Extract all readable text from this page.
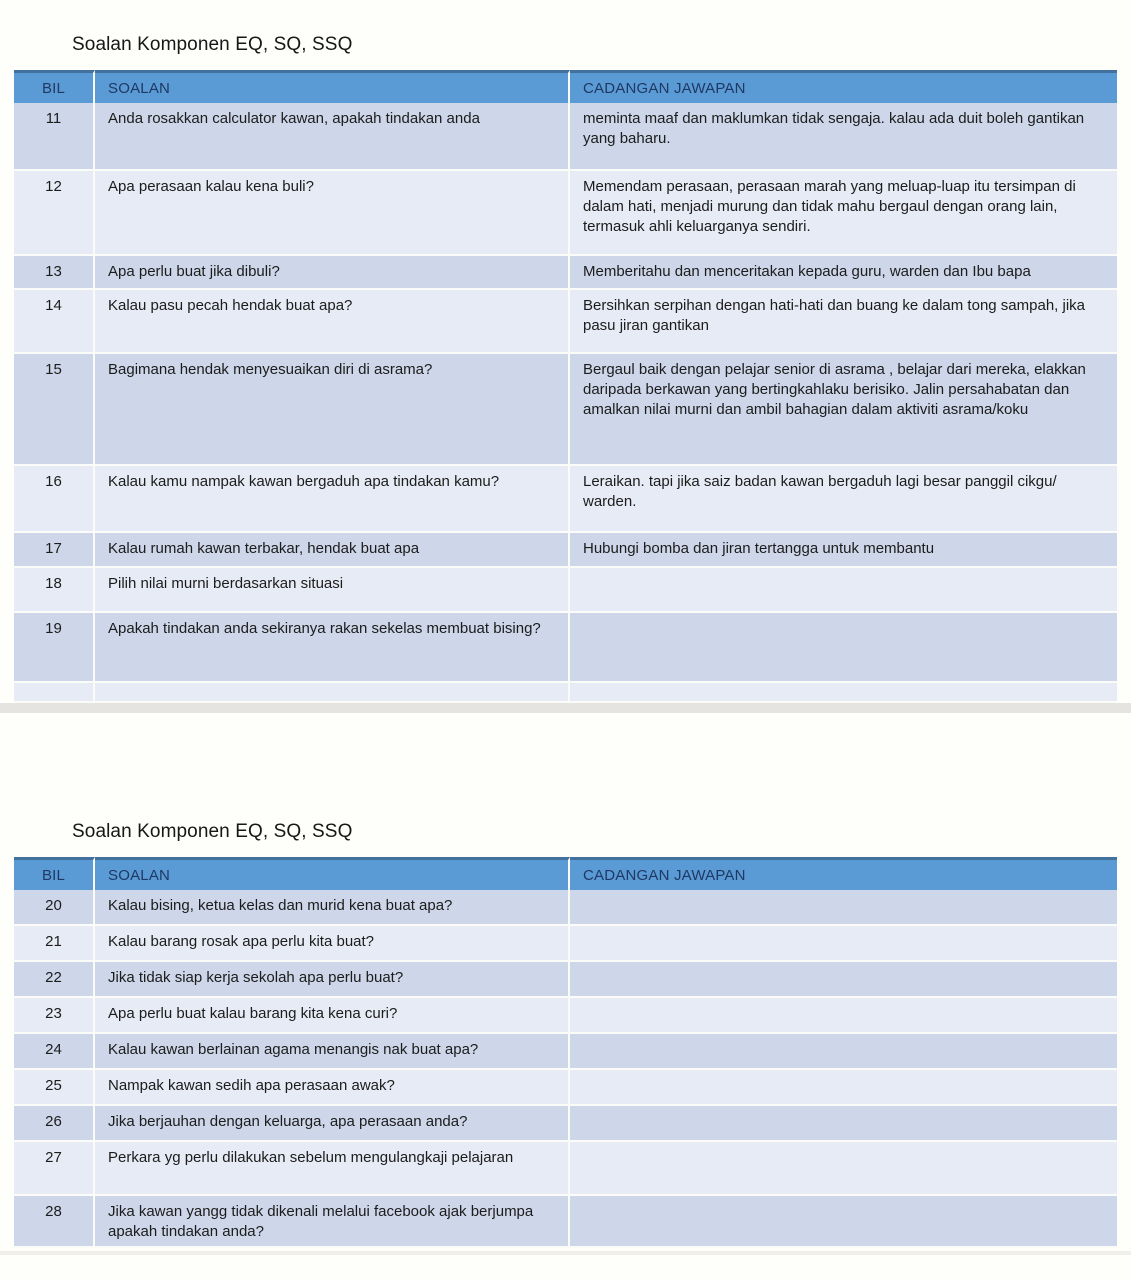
Soalan Komponen EQ, SQ, SSQ
BIL	SOALAN	CADANGAN JAWAPAN
11	Anda rosakkan calculator kawan, apakah tindakan anda	meminta maaf dan maklumkan tidak sengaja. kalau ada duit boleh gantikan yang baharu.
12	Apa perasaan kalau kena buli?	Memendam perasaan, perasaan marah yang meluap-luap itu tersimpan di dalam hati, menjadi murung dan tidak mahu bergaul dengan orang lain, termasuk ahli keluarganya sendiri.
13	Apa perlu buat jika dibuli?	Memberitahu dan menceritakan kepada guru, warden dan Ibu bapa
14	Kalau pasu pecah hendak buat apa?	Bersihkan serpihan dengan hati-hati dan buang ke dalam tong sampah, jika pasu jiran gantikan
15	Bagimana hendak menyesuaikan diri di asrama?	Bergaul baik dengan pelajar senior di asrama , belajar dari mereka, elakkan daripada berkawan yang bertingkahlaku berisiko. Jalin persahabatan dan amalkan nilai murni dan ambil bahagian dalam aktiviti asrama/koku
16	Kalau kamu nampak kawan bergaduh apa tindakan kamu?	Leraikan. tapi jika saiz badan kawan bergaduh lagi besar panggil cikgu/ warden.
17	Kalau rumah kawan terbakar, hendak buat apa	Hubungi bomba dan jiran tertangga untuk membantu
18	Pilih nilai murni berdasarkan situasi	
19	Apakah tindakan anda sekiranya rakan sekelas membuat bising?	

Soalan Komponen EQ, SQ, SSQ
BIL	SOALAN	CADANGAN JAWAPAN
20	Kalau bising, ketua kelas dan murid kena buat apa?	
21	Kalau barang rosak apa perlu kita buat?	
22	Jika tidak siap kerja sekolah apa perlu buat?	
23	Apa perlu buat kalau barang kita kena curi?	
24	Kalau kawan berlainan agama menangis nak buat apa?	
25	Nampak kawan sedih apa perasaan awak?	
26	Jika berjauhan dengan keluarga, apa perasaan anda?	
27	Perkara yg perlu dilakukan sebelum mengulangkaji pelajaran	
28	Jika kawan yangg tidak dikenali melalui facebook ajak berjumpa apakah tindakan anda?	
